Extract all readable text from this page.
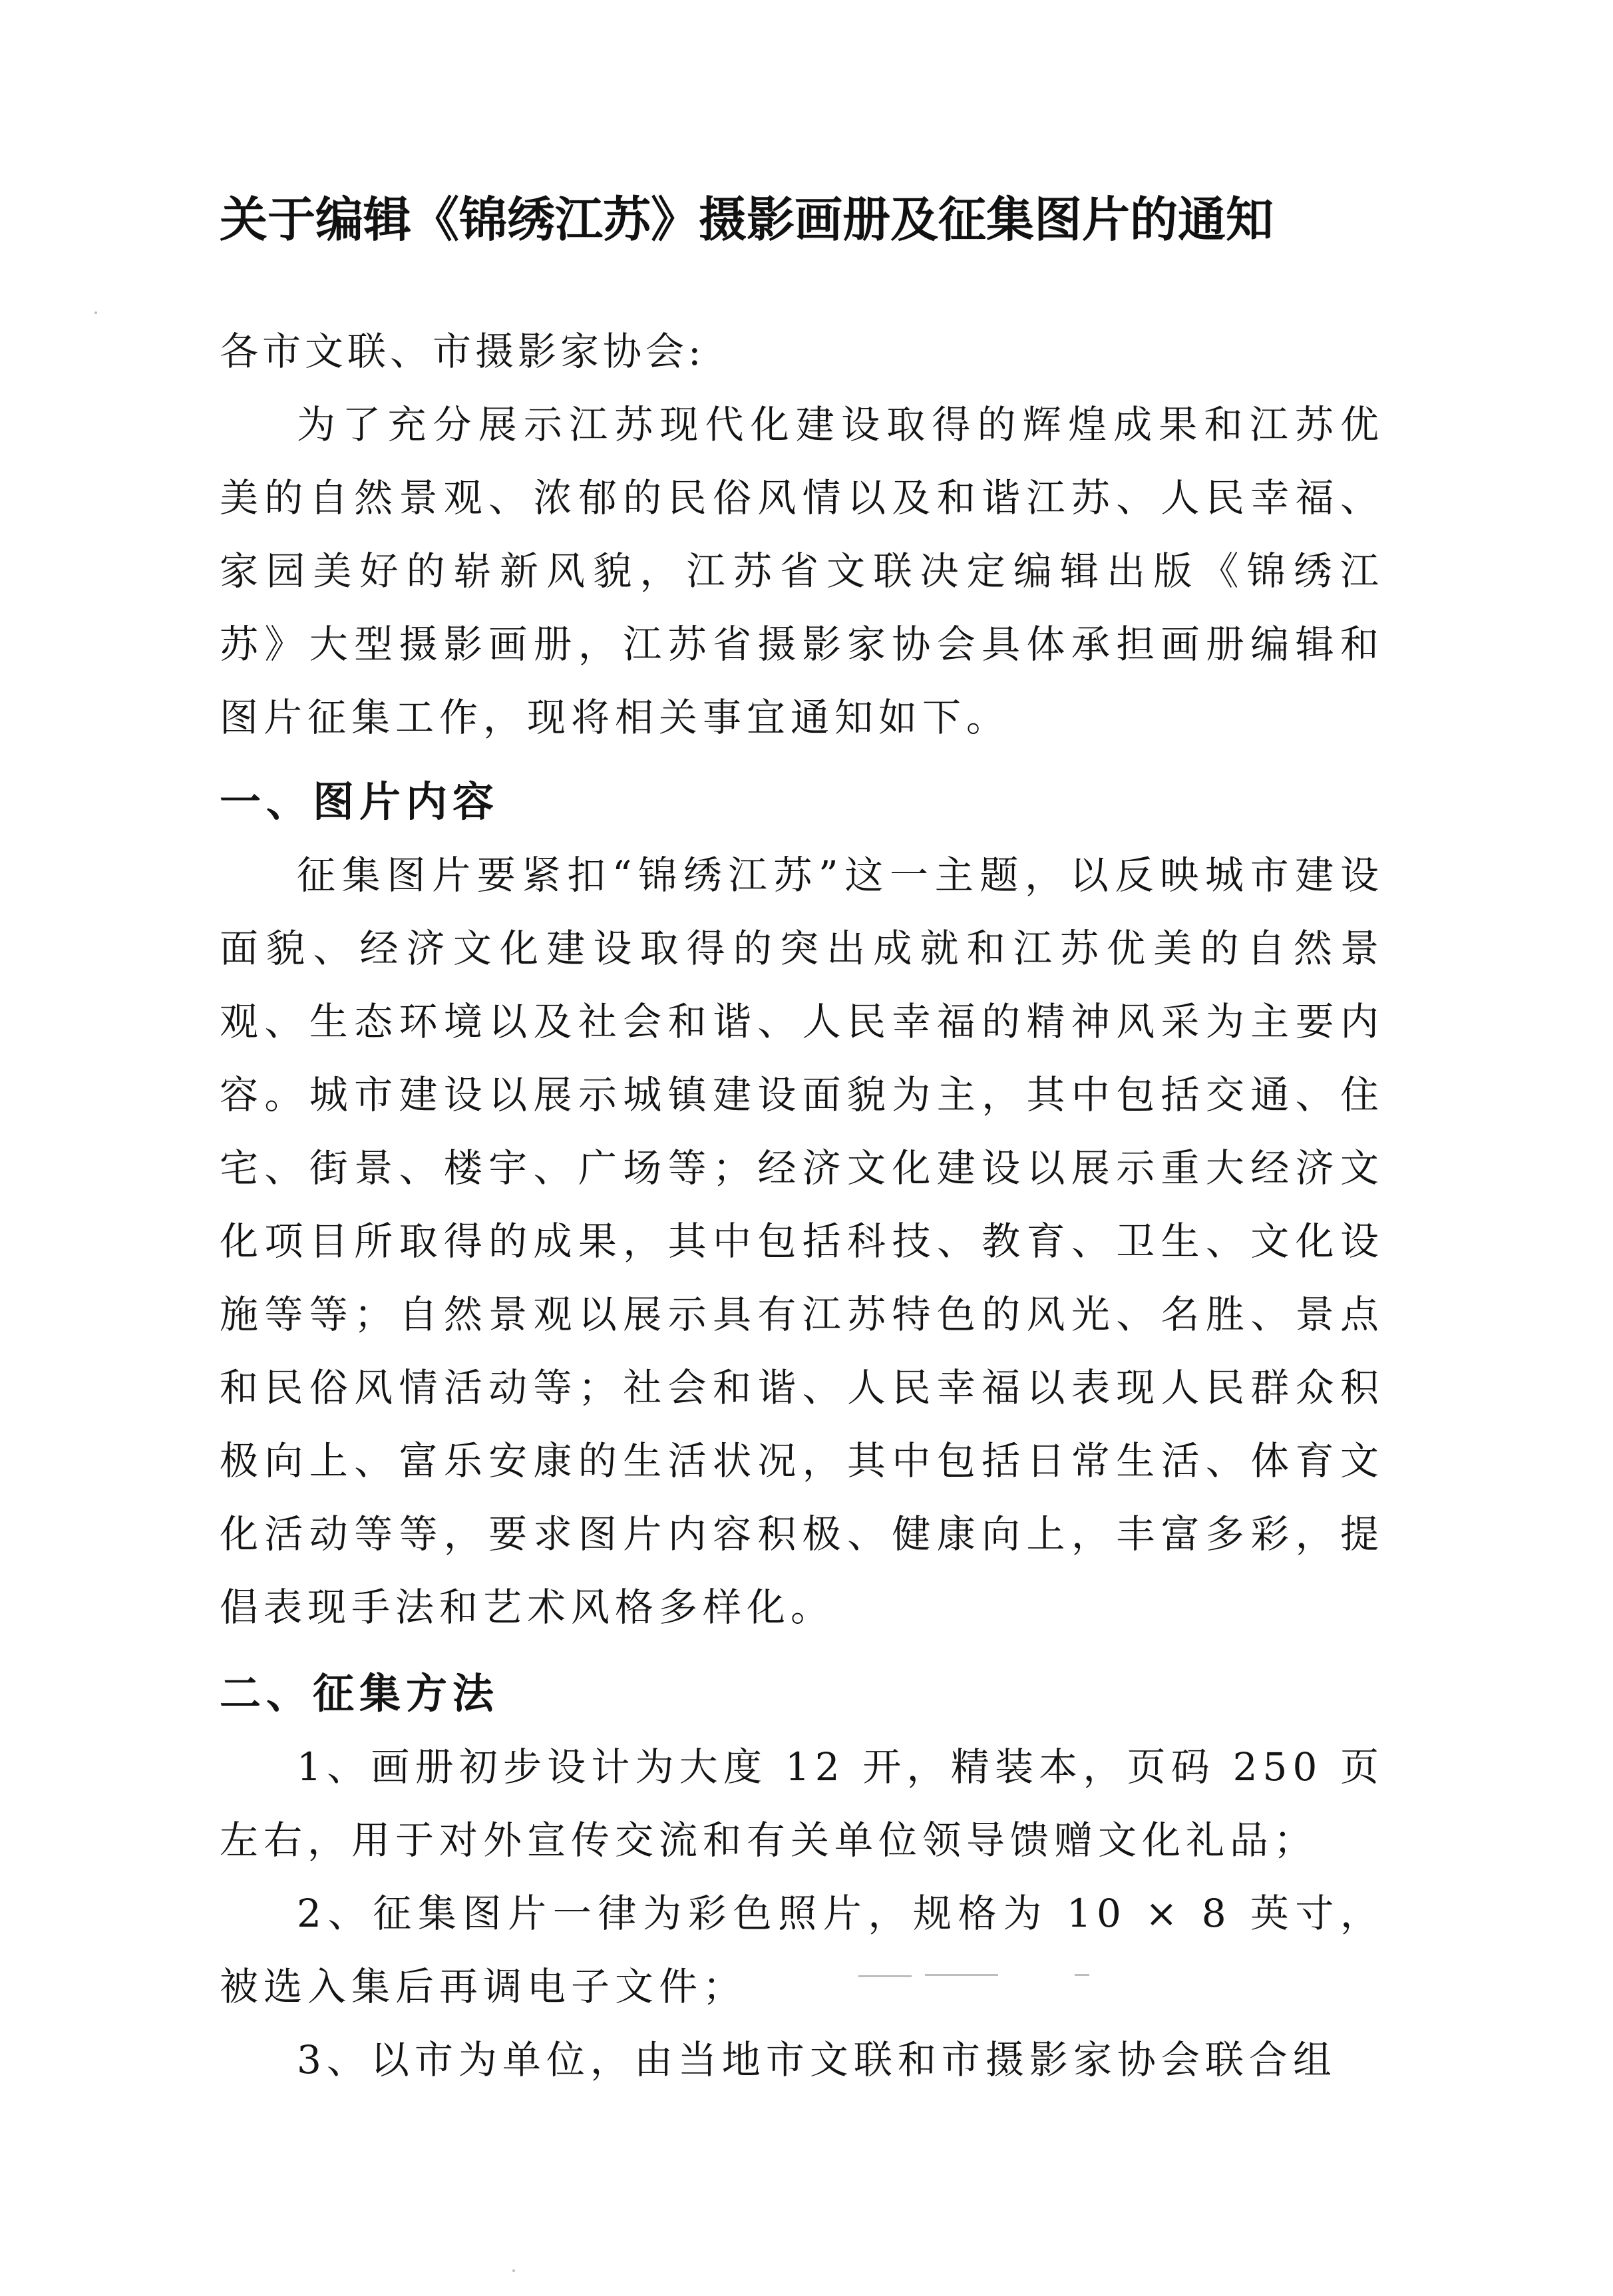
关于编辑《锦绣江苏》摄影画册及征集图片的通知
各市文联、市摄影家协会:

为了充分展示江苏现代化建设取得的辉煌成果和江苏优美的自然景观、浓郁的民俗风情以及和谐江苏、人民幸福、家园美好的崭新风貌，江苏省文联决定编辑出版《锦绣江苏》大型摄影画册，江苏省摄影家协会具体承担画册编辑和图片征集工作，现将相关事宜通知如下。

一、图片内容

征集图片要紧扣“锦绣江苏”这一主题，以反映城市建设面貌、经济文化建设取得的突出成就和江苏优美的自然景观、生态环境以及社会和谐、人民幸福的精神风采为主要内容。城市建设以展示城镇建设面貌为主，其中包括交通、住宅、街景、楼宇、广场等；经济文化建设以展示重大经济文化项目所取得的成果，其中包括科技、教育、卫生、文化设施等等；自然景观以展示具有江苏特色的风光、名胜、景点和民俗风情活动等；社会和谐、人民幸福以表现人民群众积极向上、富乐安康的生活状况，其中包括日常生活、体育文化活动等等，要求图片内容积极、健康向上，丰富多彩，提倡表现手法和艺术风格多样化。

二、征集方法

1、画册初步设计为大度 12 开，精装本，页码 250 页左右，用于对外宣传交流和有关单位领导馈赠文化礼品；

2、征集图片一律为彩色照片，规格为 10 × 8 英寸，被选入集后再调电子文件；

3、以市为单位，由当地市文联和市摄影家协会联合组
